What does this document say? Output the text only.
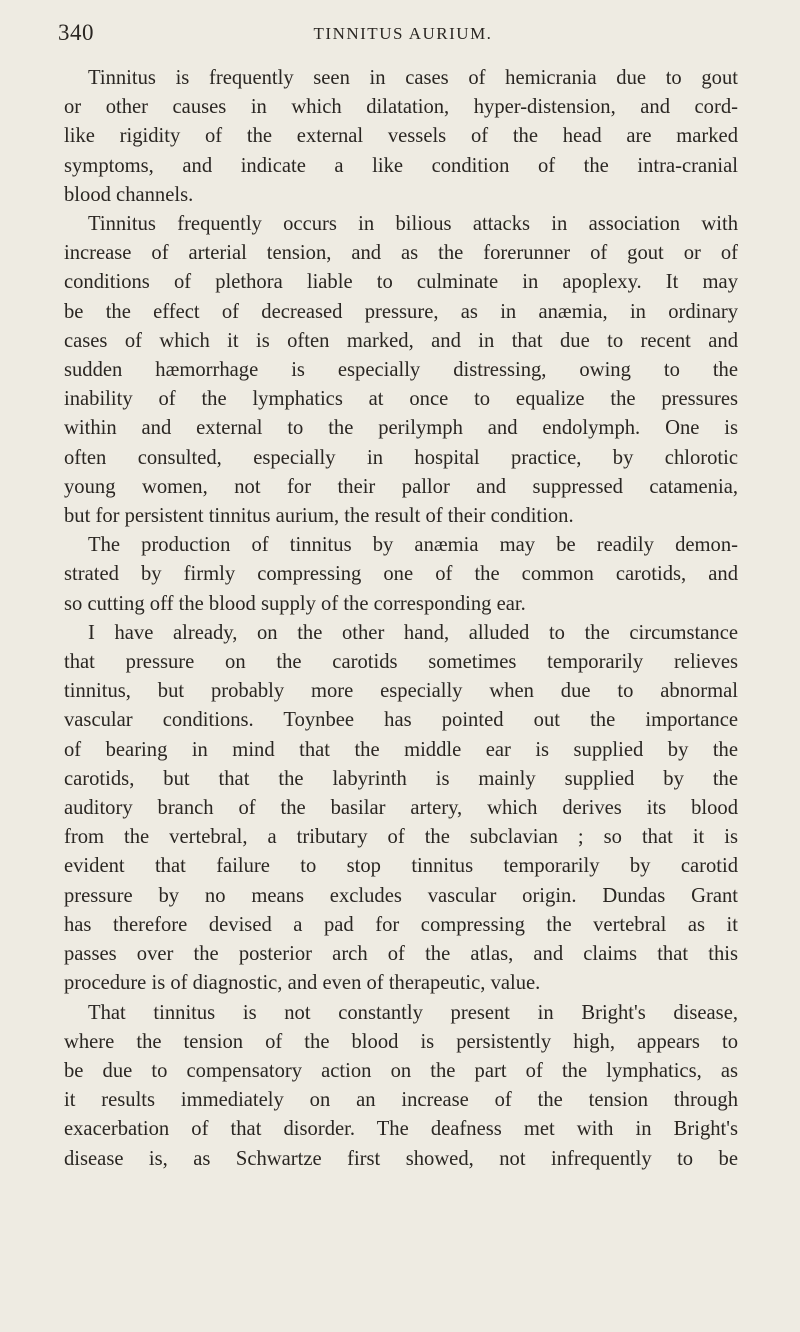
340	TINNITUS AURIUM.
Tinnitus is frequently seen in cases of hemicrania due to gout
or other causes in which dilatation, hyper-distension, and cord-
like rigidity of the external vessels of the head are marked
symptoms, and indicate a like condition of the intra-cranial
blood channels.
Tinnitus frequently occurs in bilious attacks in association with
increase of arterial tension, and as the forerunner of gout or of
conditions of plethora liable to culminate in apoplexy. It may
be the effect of decreased pressure, as in anæmia, in ordinary
cases of which it is often marked, and in that due to recent and
sudden hæmorrhage is especially distressing, owing to the
inability of the lymphatics at once to equalize the pressures
within and external to the perilymph and endolymph. One is
often consulted, especially in hospital practice, by chlorotic
young women, not for their pallor and suppressed catamenia,
but for persistent tinnitus aurium, the result of their condition.
The production of tinnitus by anæmia may be readily demon-
strated by firmly compressing one of the common carotids, and
so cutting off the blood supply of the corresponding ear.
I have already, on the other hand, alluded to the circumstance
that pressure on the carotids sometimes temporarily relieves
tinnitus, but probably more especially when due to abnormal
vascular conditions. Toynbee has pointed out the importance
of bearing in mind that the middle ear is supplied by the
carotids, but that the labyrinth is mainly supplied by the
auditory branch of the basilar artery, which derives its blood
from the vertebral, a tributary of the subclavian ; so that it is
evident that failure to stop tinnitus temporarily by carotid
pressure by no means excludes vascular origin. Dundas Grant
has therefore devised a pad for compressing the vertebral as it
passes over the posterior arch of the atlas, and claims that this
procedure is of diagnostic, and even of therapeutic, value.
That tinnitus is not constantly present in Bright's disease,
where the tension of the blood is persistently high, appears to
be due to compensatory action on the part of the lymphatics, as
it results immediately on an increase of the tension through
exacerbation of that disorder. The deafness met with in Bright's
disease is, as Schwartze first showed, not infrequently to be
